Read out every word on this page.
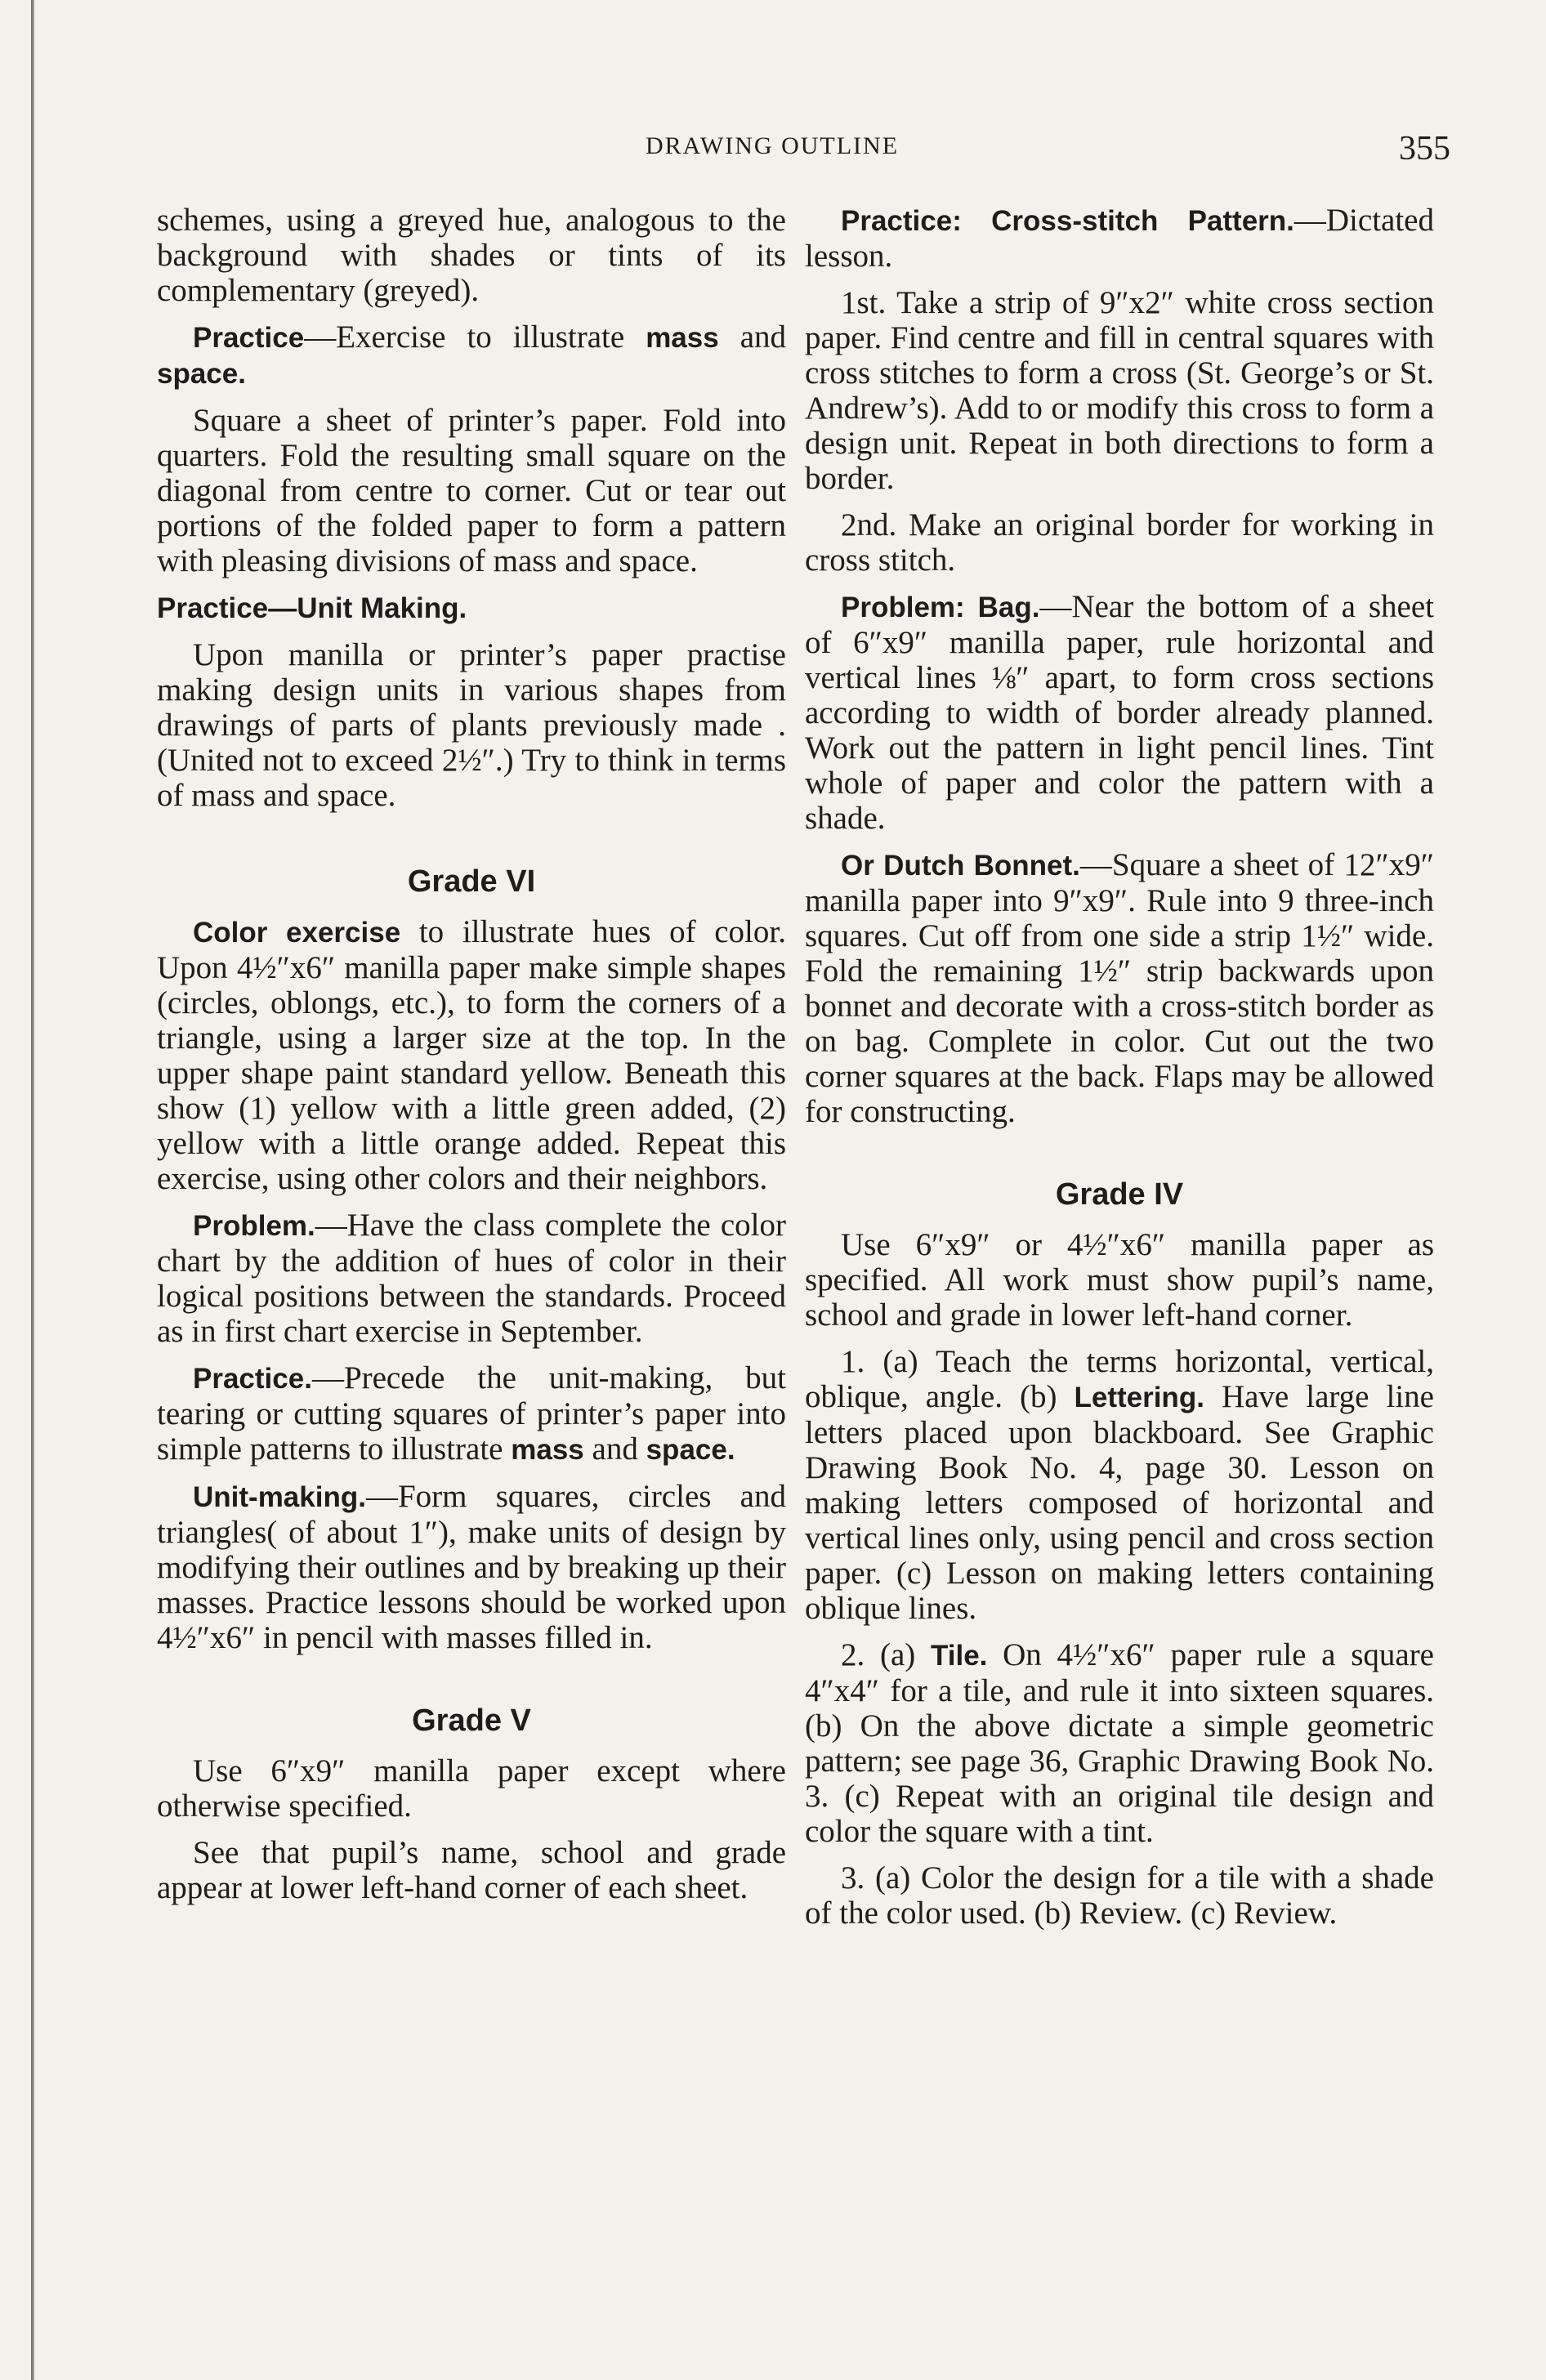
DRAWING OUTLINE	355

schemes, using a greyed hue, analogous to the background with shades or tints of its complementary (greyed).

Practice—Exercise to illustrate mass and space.

Square a sheet of printer’s paper. Fold into quarters. Fold the resulting small square on the diagonal from centre to corner. Cut or tear out portions of the folded paper to form a pattern with pleasing divisions of mass and space.

Practice—Unit Making.

Upon manilla or printer’s paper practise making design units in various shapes from drawings of parts of plants previously made . (United not to exceed 2½″.) Try to think in terms of mass and space.

Grade VI

Color exercise to illustrate hues of color. Upon 4½″x6″ manilla paper make simple shapes (circles, oblongs, etc.), to form the corners of a triangle, using a larger size at the top. In the upper shape paint standard yellow. Beneath this show (1) yellow with a little green added, (2) yellow with a little orange added. Repeat this exercise, using other colors and their neighbors.

Problem.—Have the class complete the color chart by the addition of hues of color in their logical positions between the standards. Proceed as in first chart exercise in September.

Practice.—Precede the unit-making, but tearing or cutting squares of printer’s paper into simple patterns to illustrate mass and space.

Unit-making.—Form squares, circles and triangles( of about 1″), make units of design by modifying their outlines and by breaking up their masses. Practice lessons should be worked upon 4½″x6″ in pencil with masses filled in.

Grade V

Use 6″x9″ manilla paper except where otherwise specified.

See that pupil’s name, school and grade appear at lower left-hand corner of each sheet.

Practice: Cross-stitch Pattern.—Dictated lesson.

1st. Take a strip of 9″x2″ white cross section paper. Find centre and fill in central squares with cross stitches to form a cross (St. George’s or St. Andrew’s). Add to or modify this cross to form a design unit. Repeat in both directions to form a border.

2nd. Make an original border for working in cross stitch.

Problem: Bag.—Near the bottom of a sheet of 6″x9″ manilla paper, rule horizontal and vertical lines ⅛″ apart, to form cross sections according to width of border already planned. Work out the pattern in light pencil lines. Tint whole of paper and color the pattern with a shade.

Or Dutch Bonnet.—Square a sheet of 12″x9″ manilla paper into 9″x9″. Rule into 9 three-inch squares. Cut off from one side a strip 1½″ wide. Fold the remaining 1½″ strip backwards upon bonnet and decorate with a cross-stitch border as on bag. Complete in color. Cut out the two corner squares at the back. Flaps may be allowed for constructing.

Grade IV

Use 6″x9″ or 4½″x6″ manilla paper as specified. All work must show pupil’s name, school and grade in lower left-hand corner.

1. (a) Teach the terms horizontal, vertical, oblique, angle. (b) Lettering. Have large line letters placed upon blackboard. See Graphic Drawing Book No. 4, page 30. Lesson on making letters composed of horizontal and vertical lines only, using pencil and cross section paper. (c) Lesson on making letters containing oblique lines.

2. (a) Tile. On 4½″x6″ paper rule a square 4″x4″ for a tile, and rule it into sixteen squares. (b) On the above dictate a simple geometric pattern; see page 36, Graphic Drawing Book No. 3. (c) Repeat with an original tile design and color the square with a tint.

3. (a) Color the design for a tile with a shade of the color used. (b) Review. (c) Review.
